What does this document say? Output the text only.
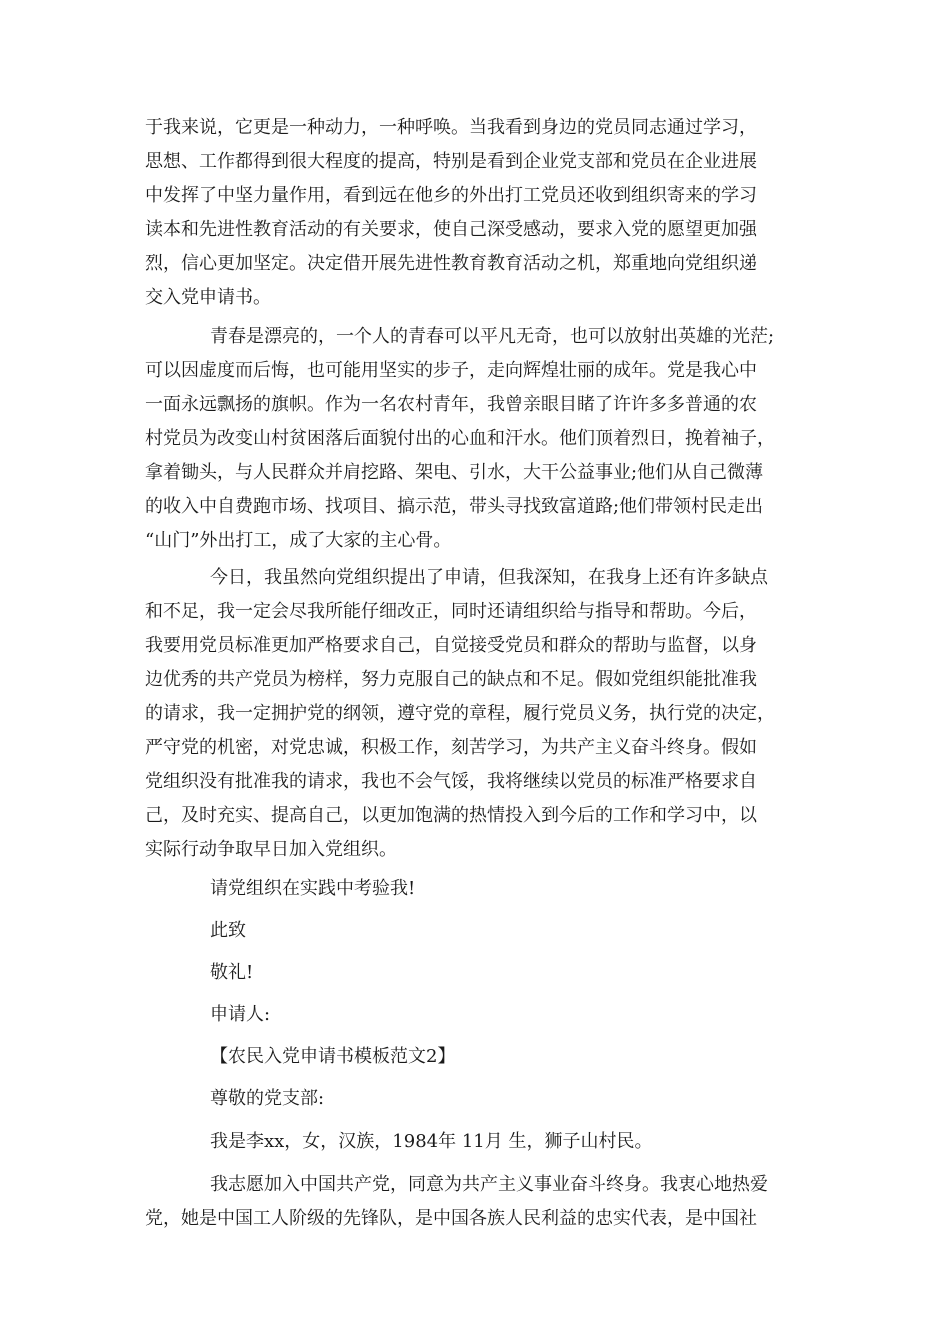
于我来说，它更是一种动力，一种呼唤。当我看到身边的党员同志通过学习，
思想、工作都得到很大程度的提高，特别是看到企业党支部和党员在企业进展
中发挥了中坚力量作用，看到远在他乡的外出打工党员还收到组织寄来的学习
读本和先进性教育活动的有关要求，使自己深受感动，要求入党的愿望更加强
烈，信心更加坚定。决定借开展先进性教育教育活动之机，郑重地向党组织递
交入党申请书。
青春是漂亮的，一个人的青春可以平凡无奇，也可以放射出英雄的光茫;
可以因虚度而后悔，也可能用坚实的步子，走向辉煌壮丽的成年。党是我心中
一面永远飘扬的旗帜。作为一名农村青年，我曾亲眼目睹了许许多多普通的农
村党员为改变山村贫困落后面貌付出的心血和汗水。他们顶着烈日，挽着袖子，
拿着锄头，与人民群众并肩挖路、架电、引水，大干公益事业;他们从自己微薄
的收入中自费跑市场、找项目、搞示范，带头寻找致富道路;他们带领村民走出
“山门”外出打工，成了大家的主心骨。
今日，我虽然向党组织提出了申请，但我深知，在我身上还有许多缺点
和不足，我一定会尽我所能仔细改正，同时还请组织给与指导和帮助。今后，
我要用党员标准更加严格要求自己，自觉接受党员和群众的帮助与监督，以身
边优秀的共产党员为榜样，努力克服自己的缺点和不足。假如党组织能批准我
的请求，我一定拥护党的纲领，遵守党的章程，履行党员义务，执行党的决定，
严守党的机密，对党忠诚，积极工作，刻苦学习，为共产主义奋斗终身。假如
党组织没有批准我的请求，我也不会气馁，我将继续以党员的标准严格要求自
己，及时充实、提高自己，以更加饱满的热情投入到今后的工作和学习中，以
实际行动争取早日加入党组织。
请党组织在实践中考验我!
此致
敬礼!
申请人:
【农民入党申请书模板范文2】
尊敬的党支部:
我是李xx，女，汉族，1984年 11月 生，狮子山村民。
我志愿加入中国共产党，同意为共产主义事业奋斗终身。我衷心地热爱
党，她是中国工人阶级的先锋队，是中国各族人民利益的忠实代表，是中国社
